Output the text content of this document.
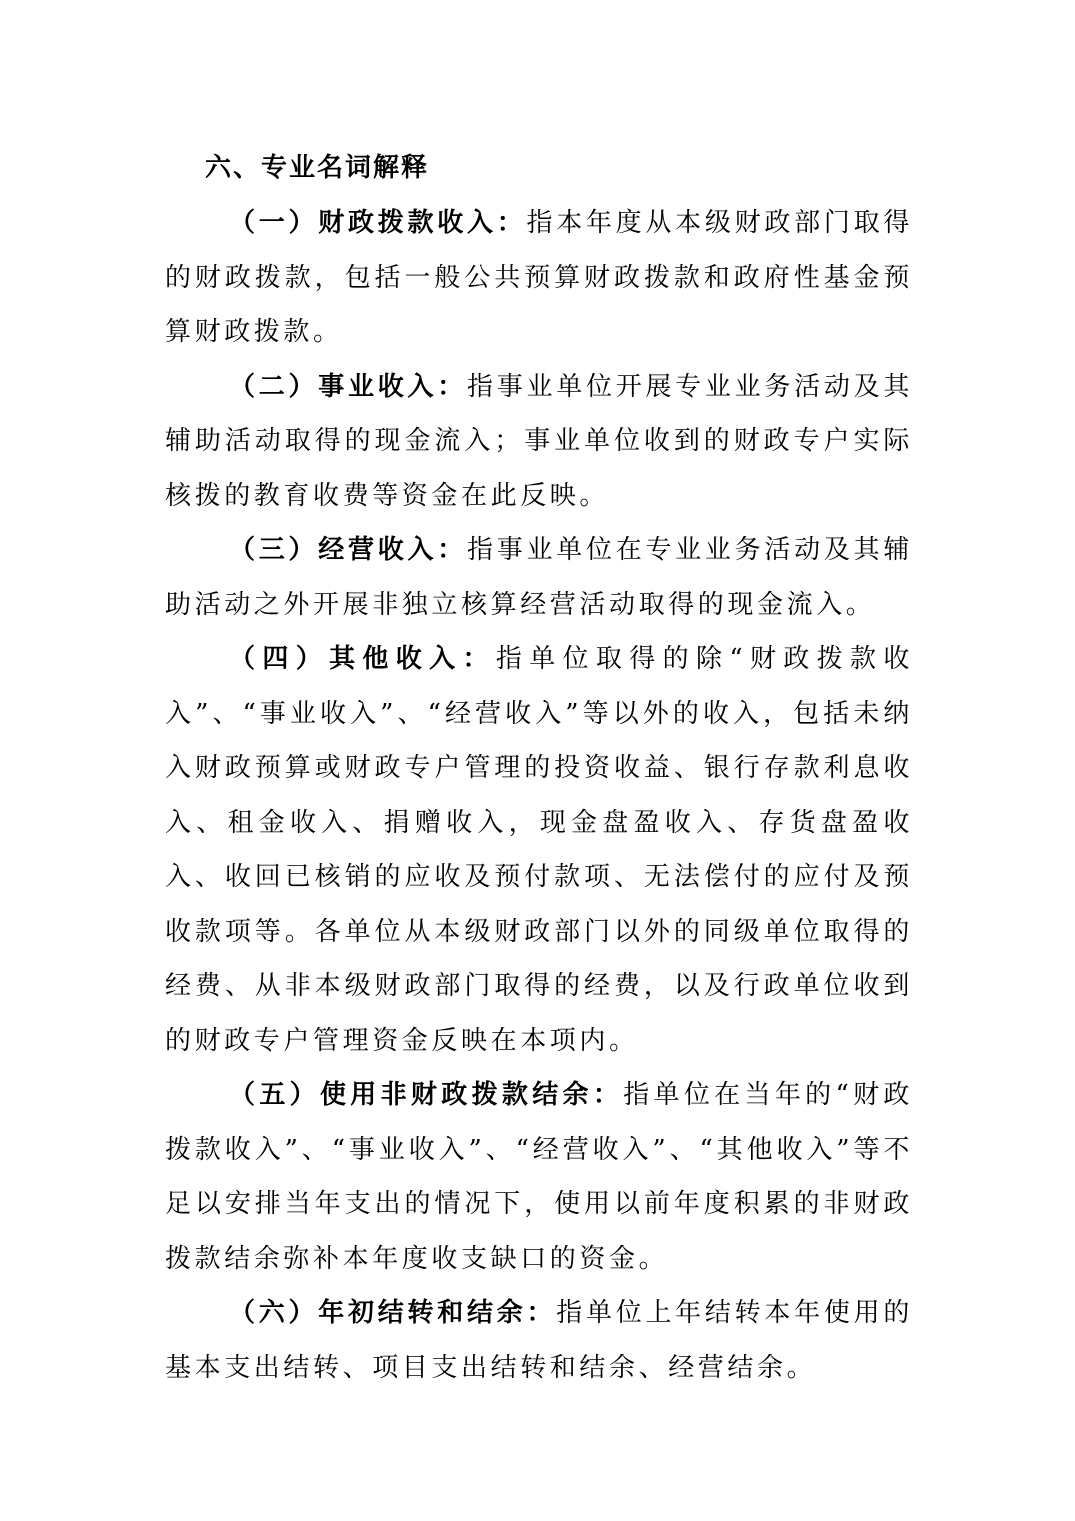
六、专业名词解释

（一）财政拨款收入：指本年度从本级财政部门取得的财政拨款，包括一般公共预算财政拨款和政府性基金预算财政拨款。

（二）事业收入：指事业单位开展专业业务活动及其辅助活动取得的现金流入；事业单位收到的财政专户实际核拨的教育收费等资金在此反映。

（三）经营收入：指事业单位在专业业务活动及其辅助活动之外开展非独立核算经营活动取得的现金流入。

（四）其他收入：指单位取得的除“财政拨款收入”、“事业收入”、“经营收入”等以外的收入，包括未纳入财政预算或财政专户管理的投资收益、银行存款利息收入、租金收入、捐赠收入，现金盘盈收入、存货盘盈收入、收回已核销的应收及预付款项、无法偿付的应付及预收款项等。各单位从本级财政部门以外的同级单位取得的经费、从非本级财政部门取得的经费，以及行政单位收到的财政专户管理资金反映在本项内。

（五）使用非财政拨款结余：指单位在当年的“财政拨款收入”、“事业收入”、“经营收入”、“其他收入”等不足以安排当年支出的情况下，使用以前年度积累的非财政拨款结余弥补本年度收支缺口的资金。

（六）年初结转和结余：指单位上年结转本年使用的基本支出结转、项目支出结转和结余、经营结余。
